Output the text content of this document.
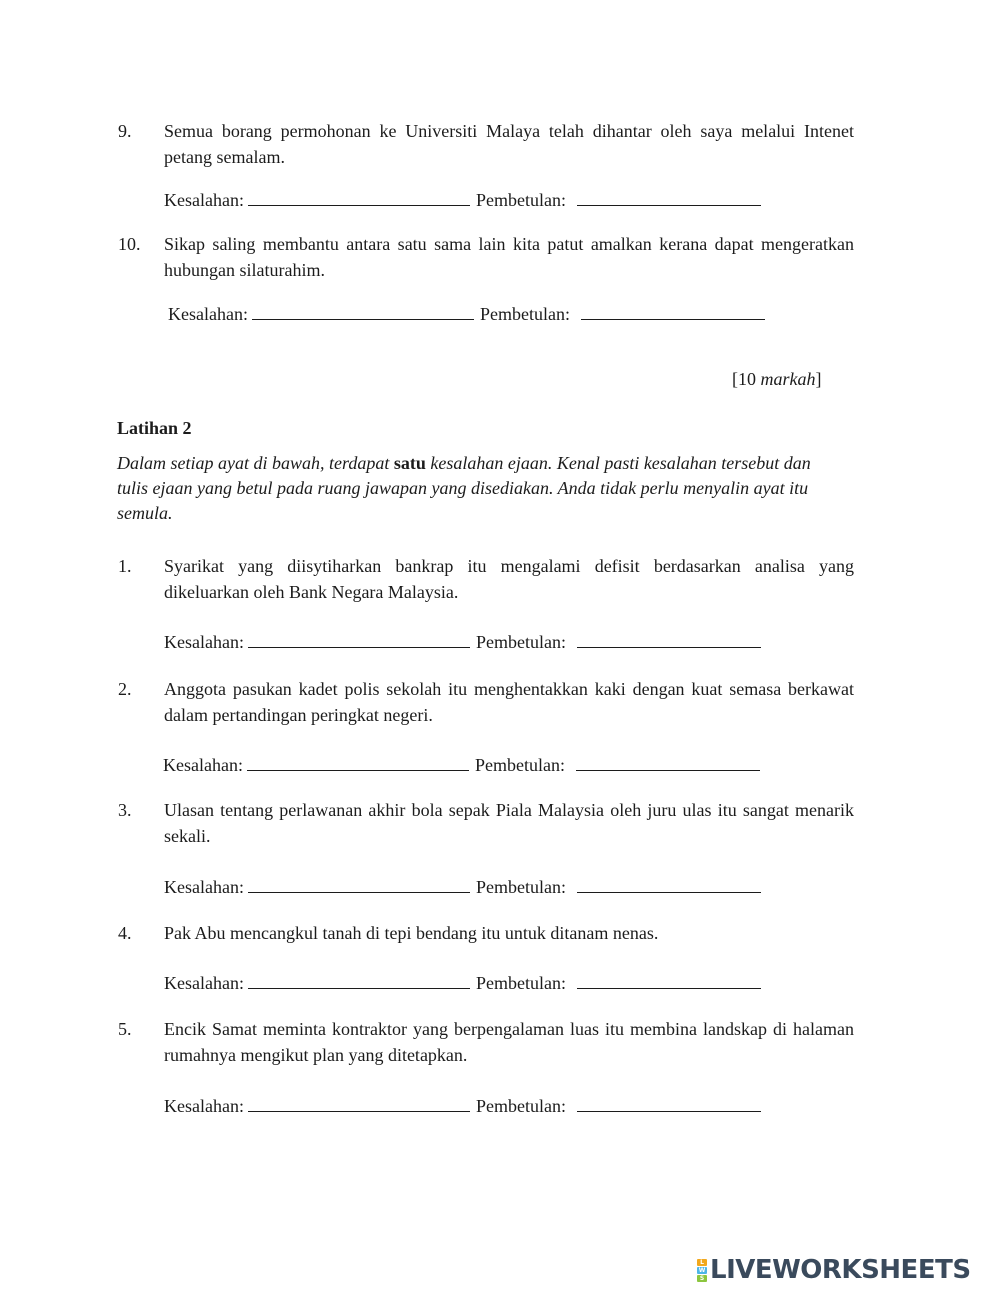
9. Semua borang permohonan ke Universiti Malaya telah dihantar oleh saya melalui Intenet petang semalam.
Kesalahan:	Pembetulan:
10. Sikap saling membantu antara satu sama lain kita patut amalkan kerana dapat mengeratkan hubungan silaturahim.
Kesalahan:	Pembetulan:
[10 markah]
Latihan 2
Dalam setiap ayat di bawah, terdapat satu kesalahan ejaan. Kenal pasti kesalahan tersebut dan tulis ejaan yang betul pada ruang jawapan yang disediakan. Anda tidak perlu menyalin ayat itu semula.
1. Syarikat yang diisytiharkan bankrap itu mengalami defisit berdasarkan analisa yang dikeluarkan oleh Bank Negara Malaysia.
Kesalahan:	Pembetulan:
2. Anggota pasukan kadet polis sekolah itu menghentakkan kaki dengan kuat semasa berkawat dalam pertandingan peringkat negeri.
Kesalahan:	Pembetulan:
3. Ulasan tentang perlawanan akhir bola sepak Piala Malaysia oleh juru ulas itu sangat menarik sekali.
Kesalahan:	Pembetulan:
4. Pak Abu mencangkul tanah di tepi bendang itu untuk ditanam nenas.
Kesalahan:	Pembetulan:
5. Encik Samat meminta kontraktor yang berpengalaman luas itu membina landskap di halaman rumahnya mengikut plan yang ditetapkan.
Kesalahan:	Pembetulan:
L
W
S LIVEWORKSHEETS
